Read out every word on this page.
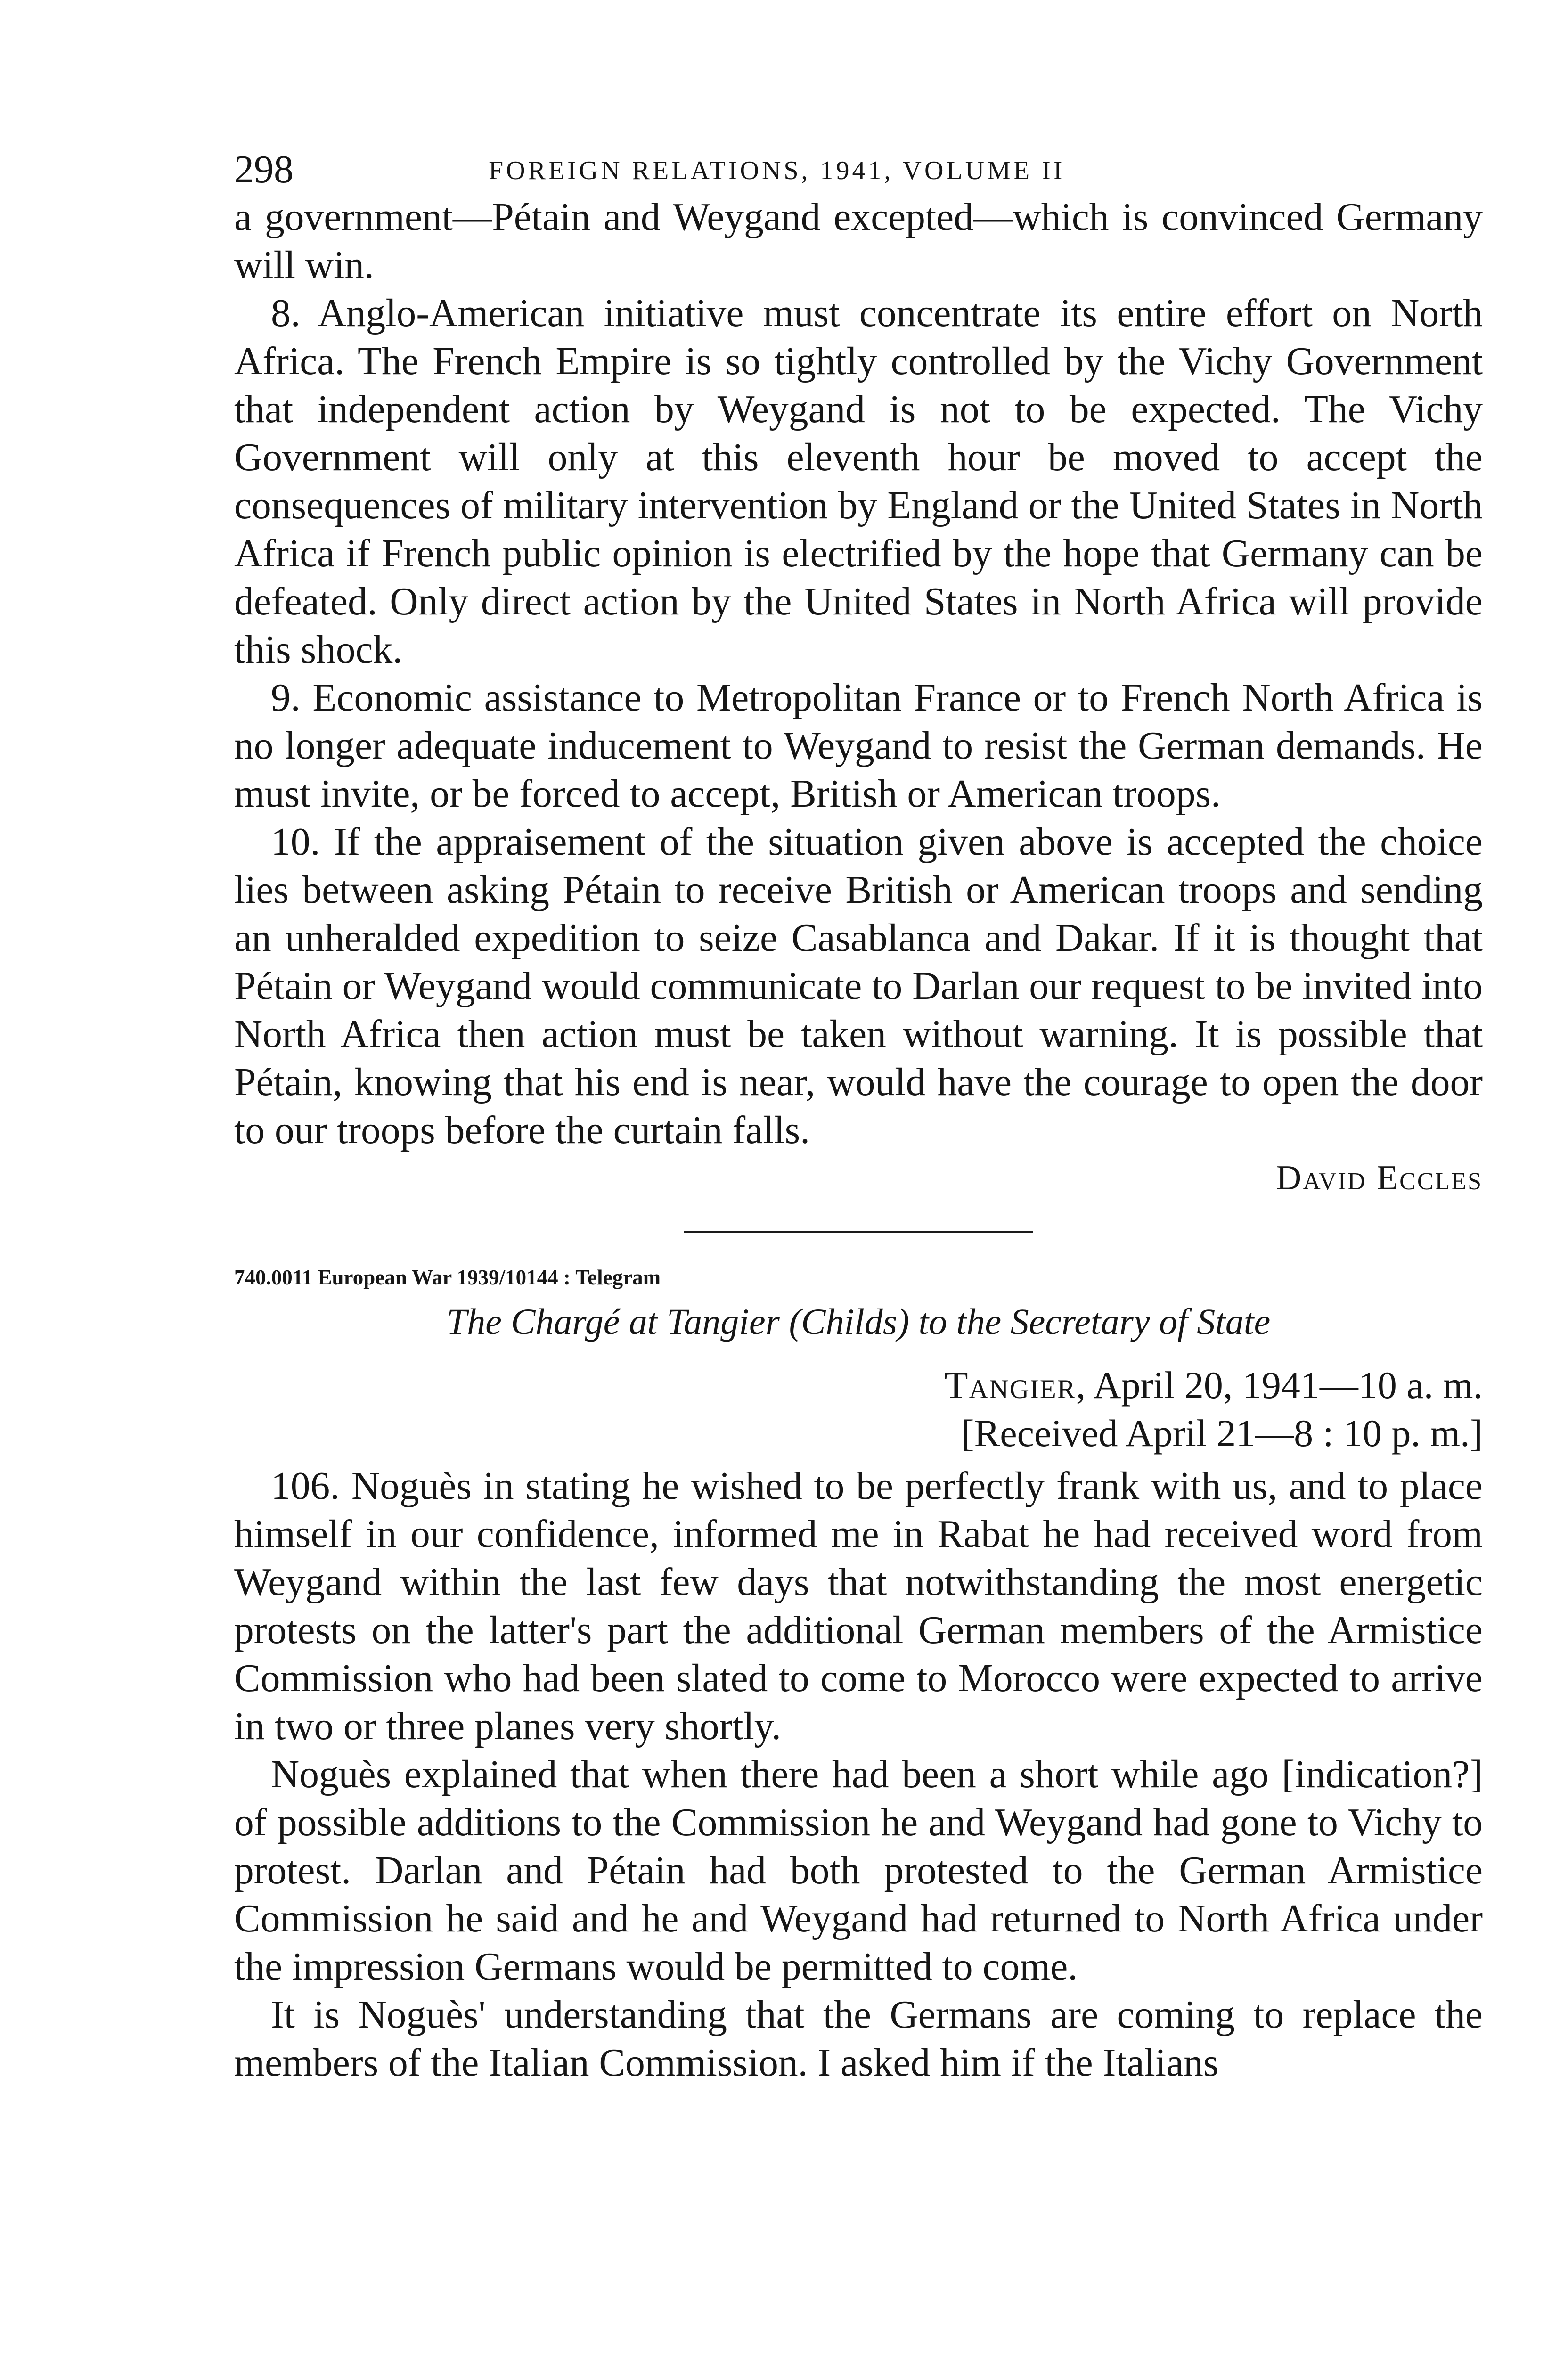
298	FOREIGN RELATIONS, 1941, VOLUME II

a government—Pétain and Weygand excepted—which is convinced Germany will win.

8. Anglo-American initiative must concentrate its entire effort on North Africa. The French Empire is so tightly controlled by the Vichy Government that independent action by Weygand is not to be expected. The Vichy Government will only at this eleventh hour be moved to accept the consequences of military intervention by England or the United States in North Africa if French public opinion is electrified by the hope that Germany can be defeated. Only direct action by the United States in North Africa will provide this shock.

9. Economic assistance to Metropolitan France or to French North Africa is no longer adequate inducement to Weygand to resist the German demands. He must invite, or be forced to accept, British or American troops.

10. If the appraisement of the situation given above is accepted the choice lies between asking Pétain to receive British or American troops and sending an unheralded expedition to seize Casablanca and Dakar. If it is thought that Pétain or Weygand would communicate to Darlan our request to be invited into North Africa then action must be taken without warning. It is possible that Pétain, knowing that his end is near, would have the courage to open the door to our troops before the curtain falls.

David Eccles

740.0011 European War 1939/10144 : Telegram

The Chargé at Tangier (Childs) to the Secretary of State

Tangier, April 20, 1941—10 a. m.
[Received April 21—8 : 10 p. m.]

106. Noguès in stating he wished to be perfectly frank with us, and to place himself in our confidence, informed me in Rabat he had received word from Weygand within the last few days that notwithstanding the most energetic protests on the latter's part the additional German members of the Armistice Commission who had been slated to come to Morocco were expected to arrive in two or three planes very shortly.

Noguès explained that when there had been a short while ago [indication?] of possible additions to the Commission he and Weygand had gone to Vichy to protest. Darlan and Pétain had both protested to the German Armistice Commission he said and he and Weygand had returned to North Africa under the impression Germans would be permitted to come.

It is Noguès' understanding that the Germans are coming to replace the members of the Italian Commission. I asked him if the Italians
